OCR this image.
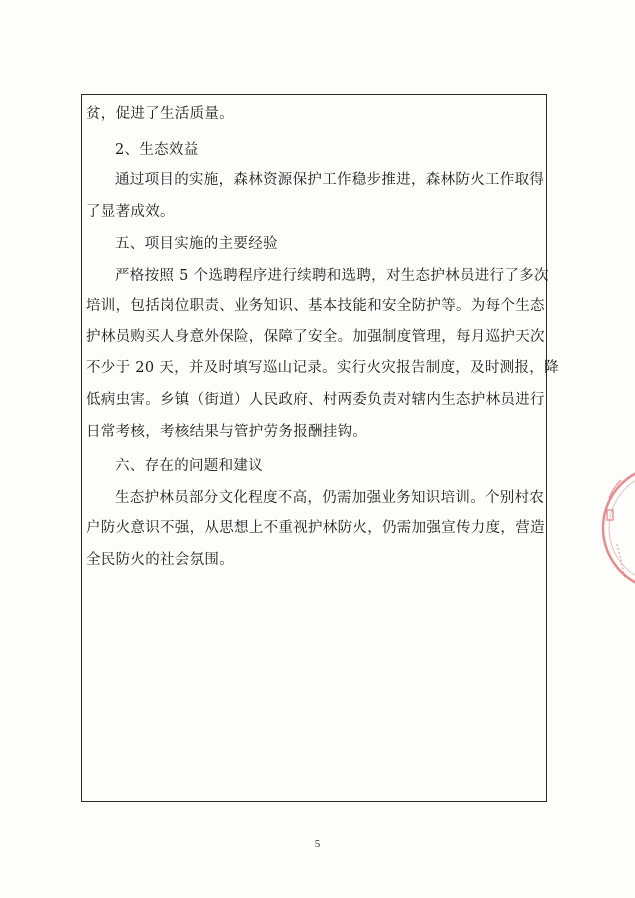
贫，促进了生活质量。
2、生态效益
通过项目的实施，森林资源保护工作稳步推进，森林防火工作取得
了显著成效。
五、项目实施的主要经验
严格按照 5 个选聘程序进行续聘和选聘，对生态护林员进行了多次
培训，包括岗位职责、业务知识、基本技能和安全防护等。为每个生态
护林员购买人身意外保险，保障了安全。加强制度管理，每月巡护天次
不少于 20 天，并及时填写巡山记录。实行火灾报告制度，及时测报，降
低病虫害。乡镇（街道）人民政府、村两委负责对辖内生态护林员进行
日常考核，考核结果与管护劳务报酬挂钩。
六、存在的问题和建议
生态护林员部分文化程度不高，仍需加强业务知识培训。个别村农
户防火意识不强，从思想上不重视护林防火，仍需加强宣传力度，营造
全民防火的社会氛围。
5
